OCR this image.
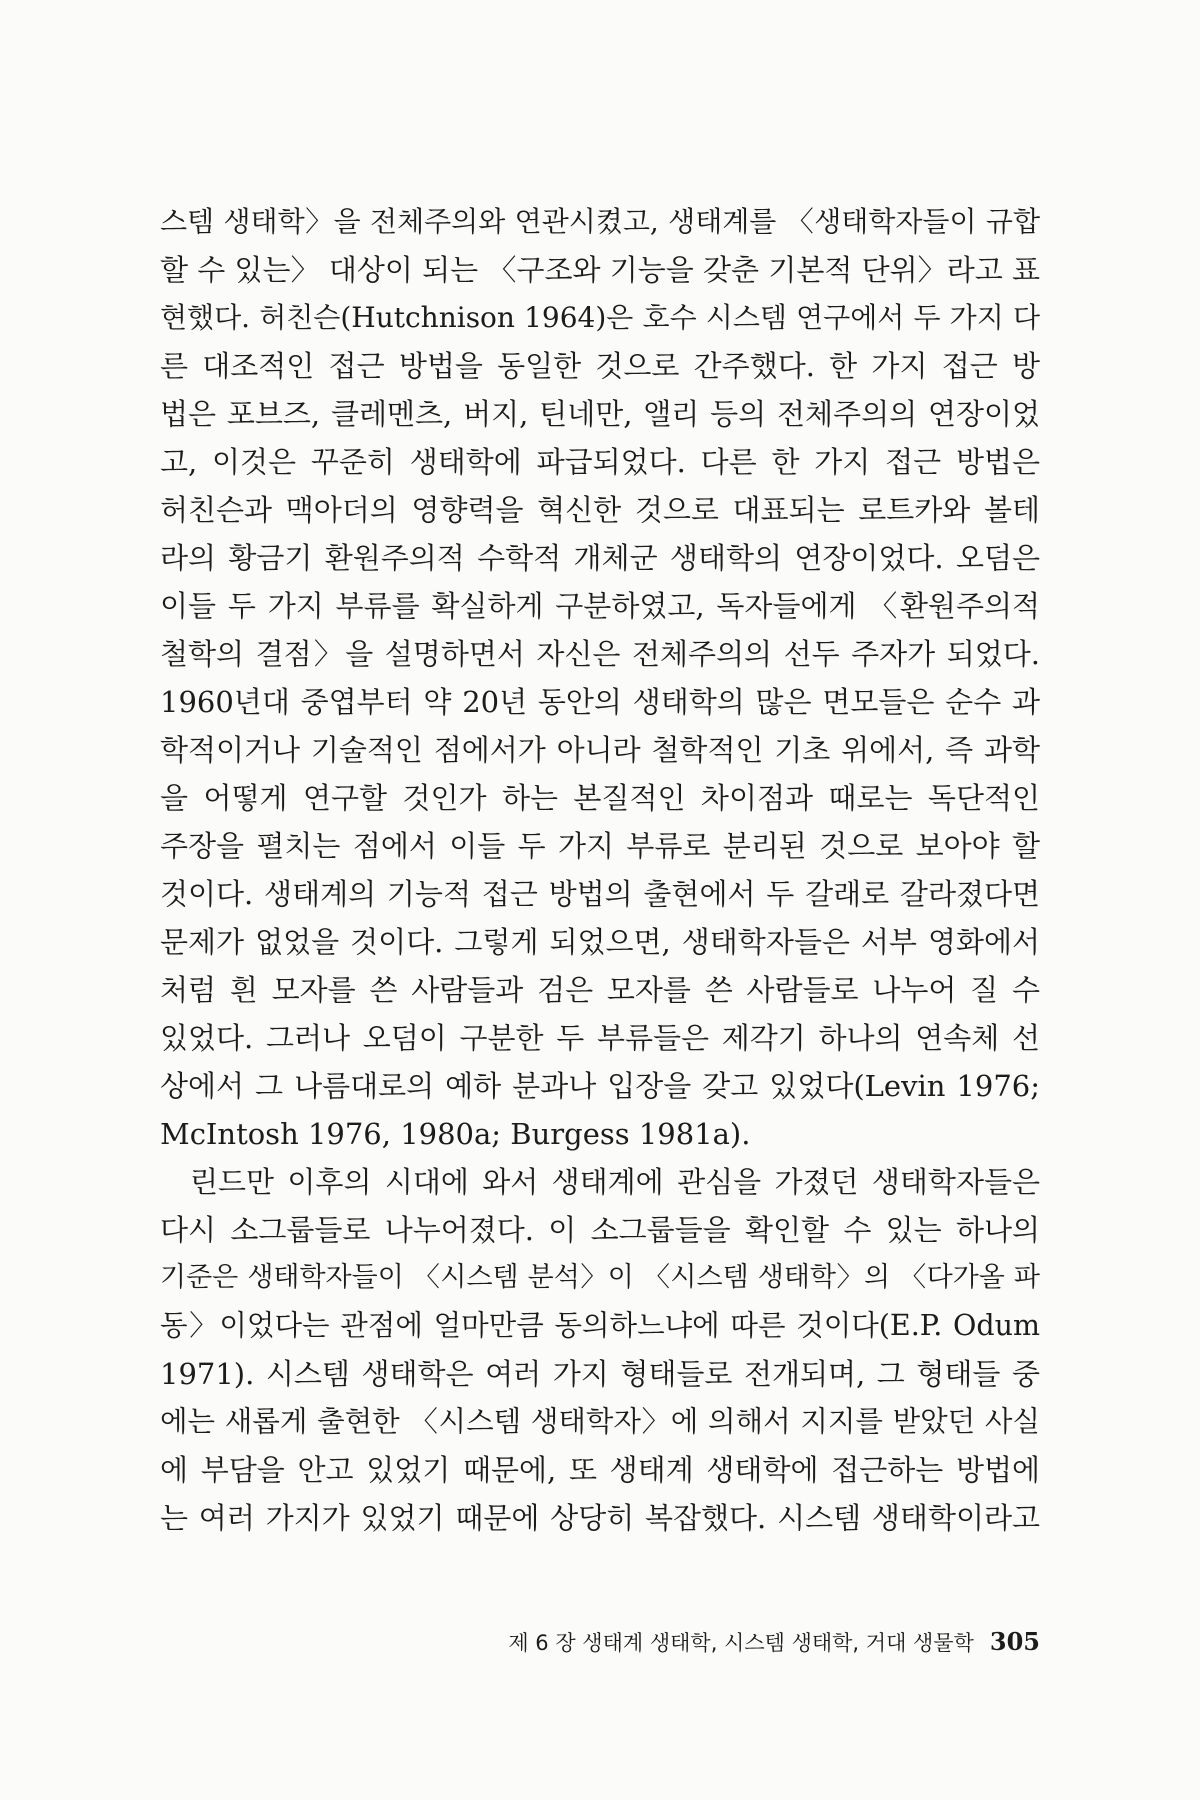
스템 생태학〉을 전체주의와 연관시켰고, 생태계를 〈생태학자들이 규합
할 수 있는〉 대상이 되는 〈구조와 기능을 갖춘 기본적 단위〉라고 표
현했다. 허친슨(Hutchnison 1964)은 호수 시스템 연구에서 두 가지 다
른 대조적인 접근 방법을 동일한 것으로 간주했다. 한 가지 접근 방
법은 포브즈, 클레멘츠, 버지, 틴네만, 앨리 등의 전체주의의 연장이었
고, 이것은 꾸준히 생태학에 파급되었다. 다른 한 가지 접근 방법은
허친슨과 맥아더의 영향력을 혁신한 것으로 대표되는 로트카와 볼테
라의 황금기 환원주의적 수학적 개체군 생태학의 연장이었다. 오덤은
이들 두 가지 부류를 확실하게 구분하였고, 독자들에게 〈환원주의적
철학의 결점〉을 설명하면서 자신은 전체주의의 선두 주자가 되었다.
1960년대 중엽부터 약 20년 동안의 생태학의 많은 면모들은 순수 과
학적이거나 기술적인 점에서가 아니라 철학적인 기초 위에서, 즉 과학
을 어떻게 연구할 것인가 하는 본질적인 차이점과 때로는 독단적인
주장을 펼치는 점에서 이들 두 가지 부류로 분리된 것으로 보아야 할
것이다. 생태계의 기능적 접근 방법의 출현에서 두 갈래로 갈라졌다면
문제가 없었을 것이다. 그렇게 되었으면, 생태학자들은 서부 영화에서
처럼 흰 모자를 쓴 사람들과 검은 모자를 쓴 사람들로 나누어 질 수
있었다. 그러나 오덤이 구분한 두 부류들은 제각기 하나의 연속체 선
상에서 그 나름대로의 예하 분과나 입장을 갖고 있었다(Levin 1976;
McIntosh 1976, 1980a; Burgess 1981a).
린드만 이후의 시대에 와서 생태계에 관심을 가졌던 생태학자들은
다시 소그룹들로 나누어졌다. 이 소그룹들을 확인할 수 있는 하나의
기준은 생태학자들이 〈시스템 분석〉이 〈시스템 생태학〉의 〈다가올 파
동〉이었다는 관점에 얼마만큼 동의하느냐에 따른 것이다(E.P. Odum
1971). 시스템 생태학은 여러 가지 형태들로 전개되며, 그 형태들 중
에는 새롭게 출현한 〈시스템 생태학자〉에 의해서 지지를 받았던 사실
에 부담을 안고 있었기 때문에, 또 생태계 생태학에 접근하는 방법에
는 여러 가지가 있었기 때문에 상당히 복잡했다. 시스템 생태학이라고
제 6 장 생태계 생태학, 시스템 생태학, 거대 생물학 305
